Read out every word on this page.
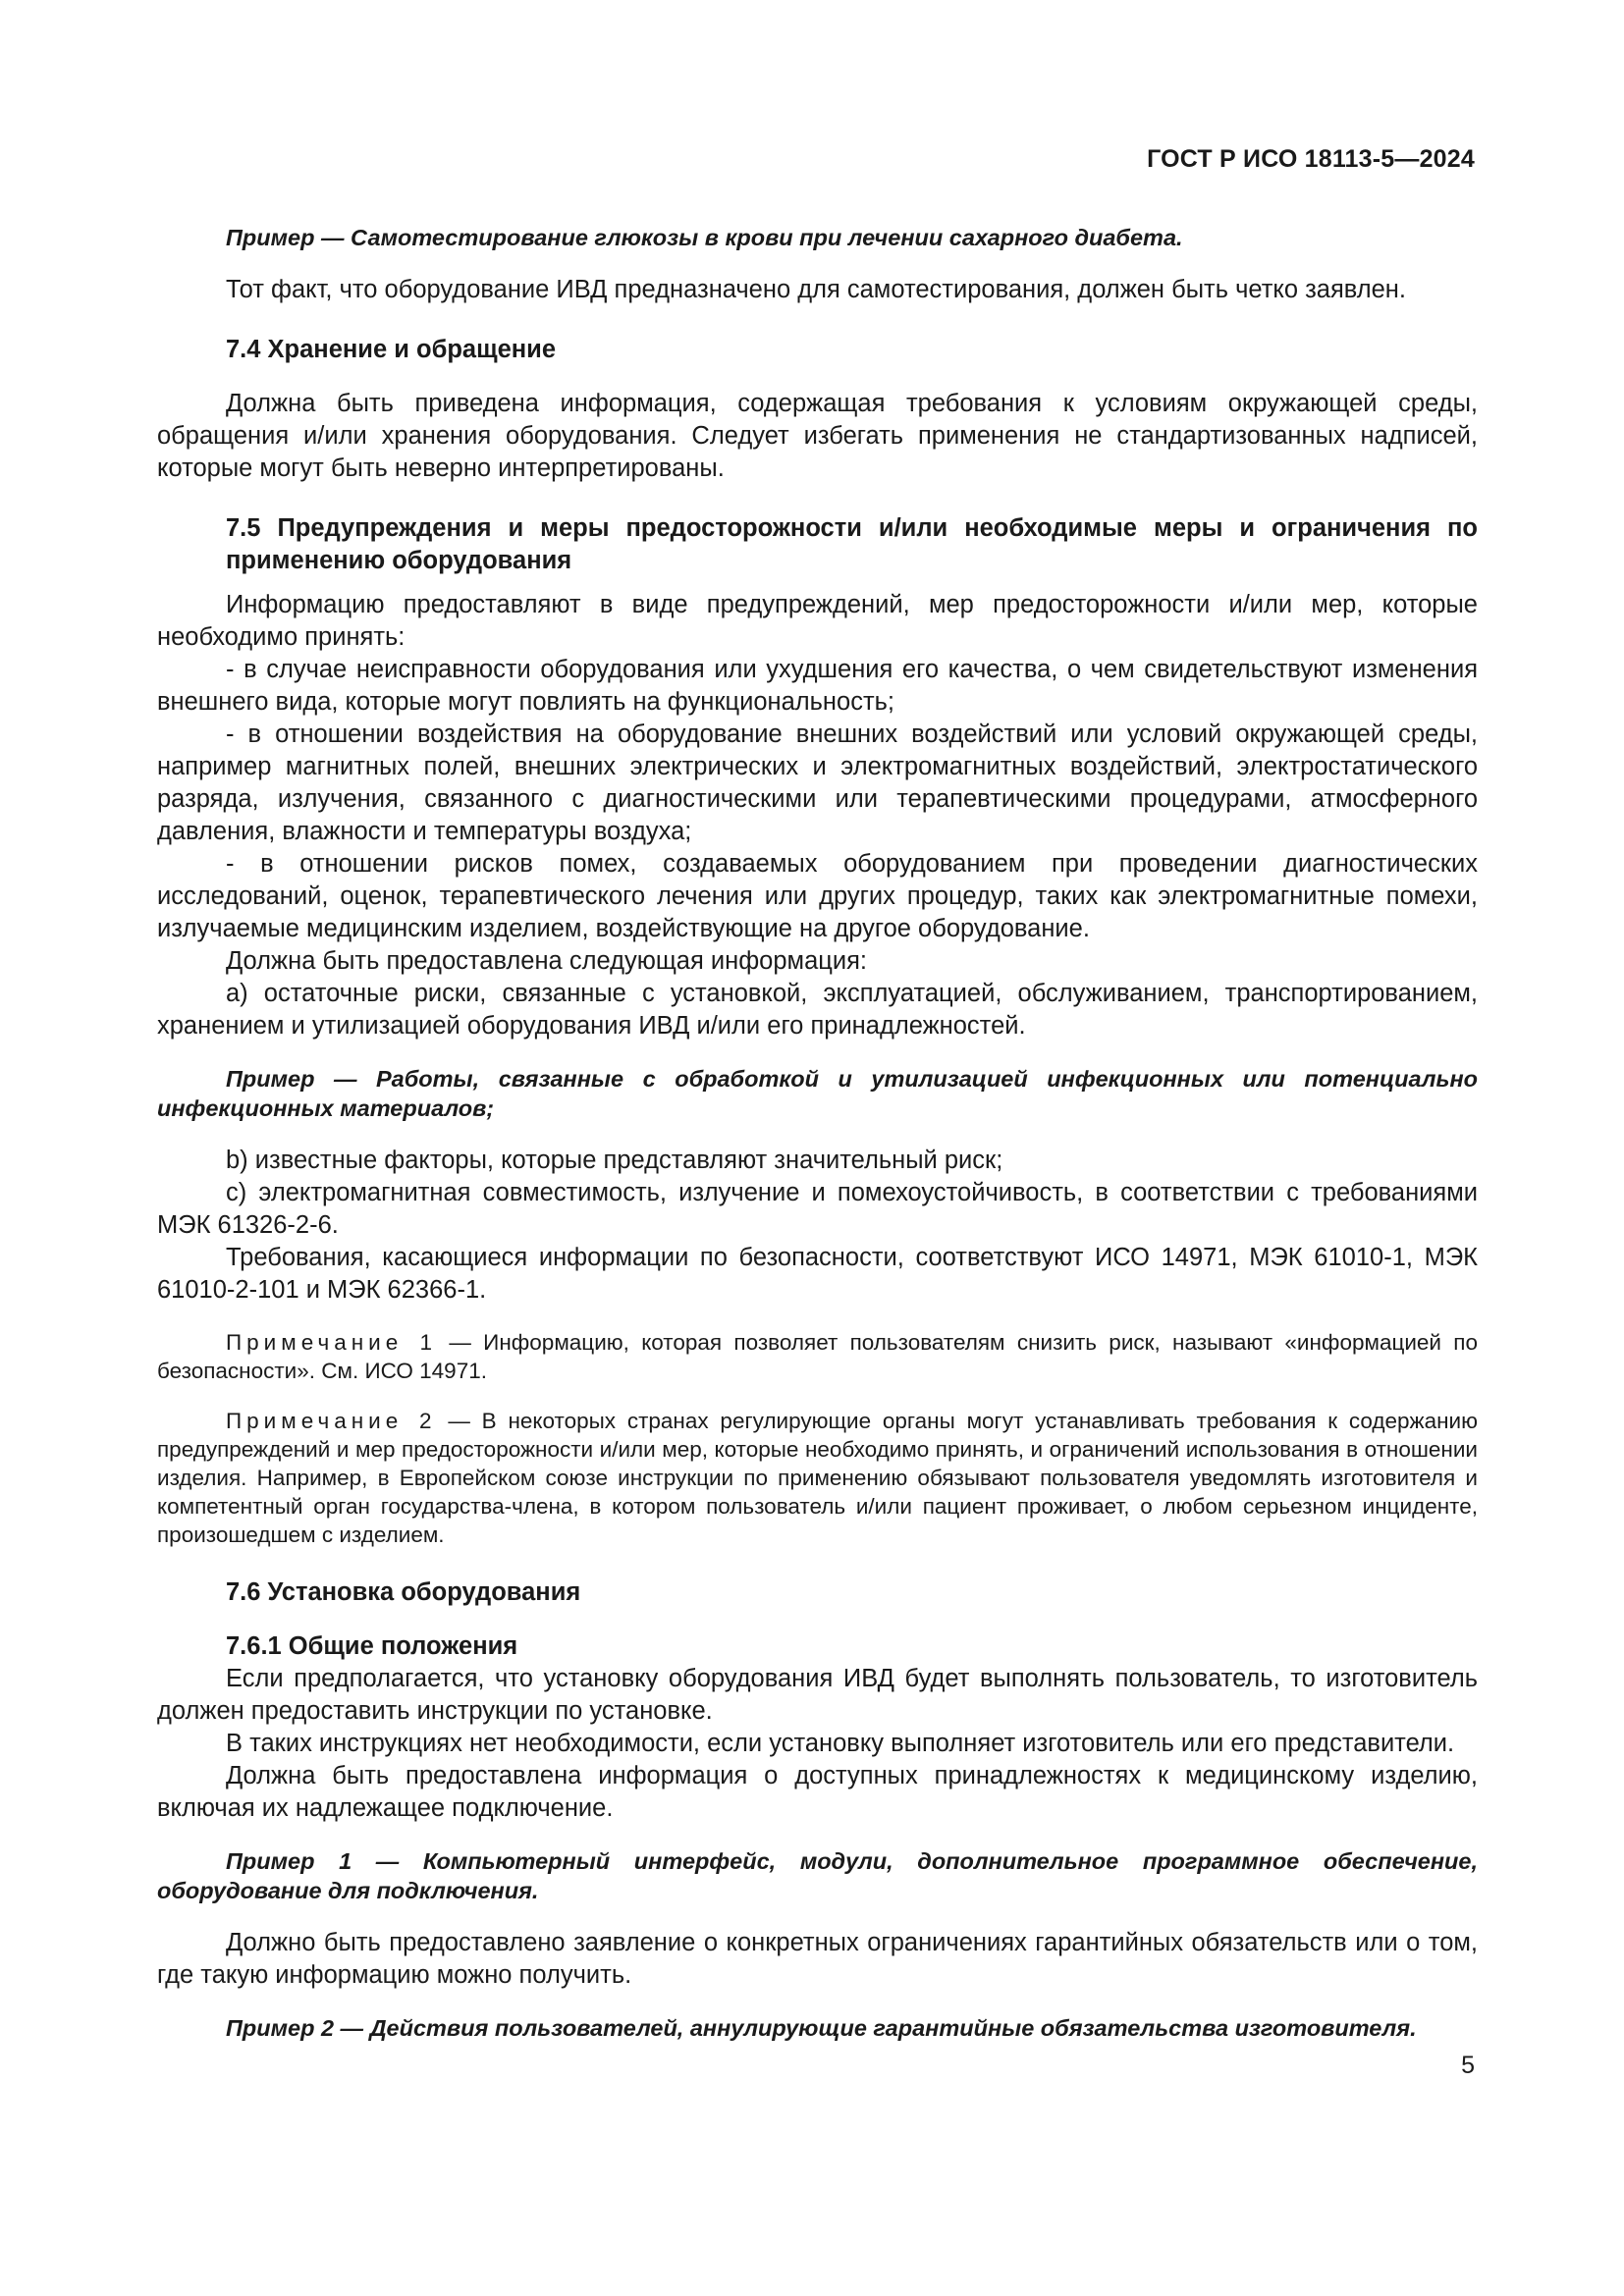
ГОСТ Р ИСО 18113-5—2024

Пример — Самотестирование глюкозы в крови при лечении сахарного диабета.

Тот факт, что оборудование ИВД предназначено для самотестирования, должен быть четко заявлен.

7.4 Хранение и обращение

Должна быть приведена информация, содержащая требования к условиям окружающей среды, обращения и/или хранения оборудования. Следует избегать применения не стандартизованных надписей, которые могут быть неверно интерпретированы.

7.5 Предупреждения и меры предосторожности и/или необходимые меры и ограничения по применению оборудования

Информацию предоставляют в виде предупреждений, мер предосторожности и/или мер, которые необходимо принять:

- в случае неисправности оборудования или ухудшения его качества, о чем свидетельствуют изменения внешнего вида, которые могут повлиять на функциональность;

- в отношении воздействия на оборудование внешних воздействий или условий окружающей среды, например магнитных полей, внешних электрических и электромагнитных воздействий, электростатического разряда, излучения, связанного с диагностическими или терапевтическими процедурами, атмосферного давления, влажности и температуры воздуха;

- в отношении рисков помех, создаваемых оборудованием при проведении диагностических исследований, оценок, терапевтического лечения или других процедур, таких как электромагнитные помехи, излучаемые медицинским изделием, воздействующие на другое оборудование.

Должна быть предоставлена следующая информация:

a) остаточные риски, связанные с установкой, эксплуатацией, обслуживанием, транспортированием, хранением и утилизацией оборудования ИВД и/или его принадлежностей.

Пример — Работы, связанные с обработкой и утилизацией инфекционных или потенциально инфекционных материалов;

b) известные факторы, которые представляют значительный риск;

c) электромагнитная совместимость, излучение и помехоустойчивость, в соответствии с требованиями МЭК 61326-2-6.

Требования, касающиеся информации по безопасности, соответствуют ИСО 14971, МЭК 61010-1, МЭК 61010-2-101 и МЭК 62366-1.

Примечание 1 — Информацию, которая позволяет пользователям снизить риск, называют «информацией по безопасности». См. ИСО 14971.

Примечание 2 — В некоторых странах регулирующие органы могут устанавливать требования к содержанию предупреждений и мер предосторожности и/или мер, которые необходимо принять, и ограничений использования в отношении изделия. Например, в Европейском союзе инструкции по применению обязывают пользователя уведомлять изготовителя и компетентный орган государства-члена, в котором пользователь и/или пациент проживает, о любом серьезном инциденте, произошедшем с изделием.

7.6 Установка оборудования
7.6.1 Общие положения

Если предполагается, что установку оборудования ИВД будет выполнять пользователь, то изготовитель должен предоставить инструкции по установке.

В таких инструкциях нет необходимости, если установку выполняет изготовитель или его представители.

Должна быть предоставлена информация о доступных принадлежностях к медицинскому изделию, включая их надлежащее подключение.

Пример 1 — Компьютерный интерфейс, модули, дополнительное программное обеспечение, оборудование для подключения.

Должно быть предоставлено заявление о конкретных ограничениях гарантийных обязательств или о том, где такую информацию можно получить.

Пример 2 — Действия пользователей, аннулирующие гарантийные обязательства изготовителя.

5
